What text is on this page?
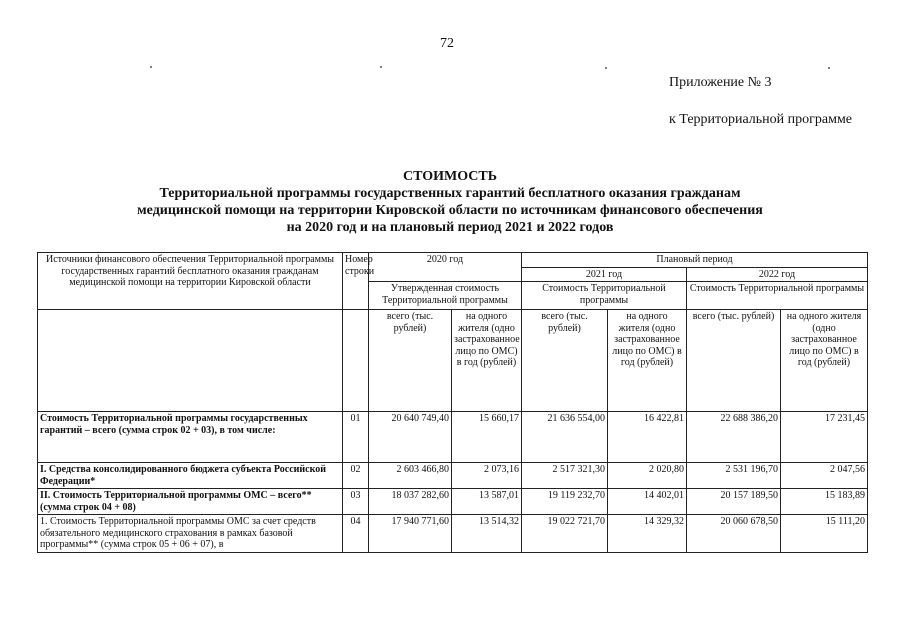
72
Приложение № 3
к Территориальной программе
СТОИМОСТЬ
Территориальной программы государственных гарантий бесплатного оказания гражданам
медицинской помощи на территории Кировской области по источникам финансового обеспечения
на 2020 год и на плановый период 2021 и 2022 годов
Источники финансового обеспечения Территориальной программы государственных гарантий бесплатного оказания гражданам медицинской помощи на территории Кировской области	Номер строки	2020 год		Плановый период			
				2021 год		2022 год	
		Утвержденная стоимость Территориальной программы		Стоимость Территориальной программы		Стоимость Территориальной программы	
		всего (тыс. рублей)	на одного жителя (одно застрахованное лицо по ОМС) в год (рублей)	всего (тыс. рублей)	на одного жителя (одно застрахованное лицо по ОМС) в год (рублей)	всего (тыс. рублей)	на одного жителя (одно застрахованное лицо по ОМС) в год (рублей)
Стоимость Территориальной программы государственных гарантий – всего (сумма строк 02 + 03), в том числе:	01	20 640 749,40	15 660,17	21 636 554,00	16 422,81	22 688 386,20	17 231,45
I. Средства консолидированного бюджета субъекта Российской Федерации*	02	2 603 466,80	2 073,16	2 517 321,30	2 020,80	2 531 196,70	2 047,56
II. Стоимость Территориальной программы ОМС – всего** (сумма строк 04 + 08)	03	18 037 282,60	13 587,01	19 119 232,70	14 402,01	20 157 189,50	15 183,89
1. Стоимость Территориальной программы ОМС за счет средств обязательного медицинского страхования в рамках базовой программы** (сумма строк 05 + 06 + 07), в	04	17 940 771,60	13 514,32	19 022 721,70	14 329,32	20 060 678,50	15 111,20
